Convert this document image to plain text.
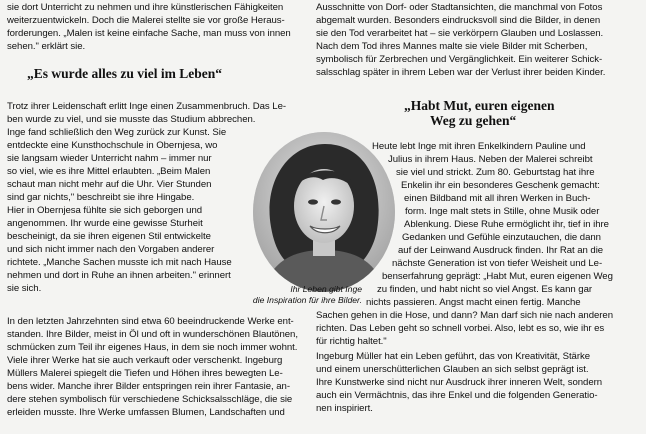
sie dort Unterricht zu nehmen und ihre künstlerischen Fähigkeiten
weiterzuentwickeln. Doch die Malerei stellte sie vor große Heraus-
forderungen. „Malen ist keine einfache Sache, man muss von innen
sehen." erklärt sie.
„Es wurde alles zu viel im Leben“
Trotz ihrer Leidenschaft erlitt Inge einen Zusammenbruch. Das Le-
ben wurde zu viel, und sie musste das Studium abbrechen.
Inge fand schließlich den Weg zurück zur Kunst. Sie
entdeckte eine Kunsthochschule in Obernjesa, wo
sie langsam wieder Unterricht nahm – immer nur
so viel, wie es ihre Mittel erlaubten. „Beim Malen
schaut man nicht mehr auf die Uhr. Vier Stunden
sind gar nichts," beschreibt sie ihre Hingabe.
Hier in Obernjesa fühlte sie sich geborgen und
angenommen. Ihr wurde eine gewisse Sturheit
bescheinigt, da sie ihren eigenen Stil entwickelte
und sich nicht immer nach den Vorgaben anderer
richtete. „Manche Sachen musste ich mit nach Hause
nehmen und dort in Ruhe an ihnen arbeiten." erinnert
sie sich.
In den letzten Jahrzehnten sind etwa 60 beeindruckende Werke ent-
standen. Ihre Bilder, meist in Öl und oft in wunderschönen Blautönen,
schmücken zum Teil ihr eigenes Haus, in dem sie noch immer wohnt.
Viele ihrer Werke hat sie auch verkauft oder verschenkt. Ingeburg
Müllers Malerei spiegelt die Tiefen und Höhen ihres bewegten Le-
bens wider. Manche ihrer Bilder entspringen rein ihrer Fantasie, an-
dere stehen symbolisch für verschiedene Schicksalsschläge, die sie
erleiden musste. Ihre Werke umfassen Blumen, Landschaften und
Ausschnitte von Dorf- oder Stadtansichten, die manchmal von Fotos
abgemalt wurden. Besonders eindrucksvoll sind die Bilder, in denen
sie den Tod verarbeitet hat – sie verkörpern Glauben und Loslassen.
Nach dem Tod ihres Mannes malte sie viele Bilder mit Scherben,
symbolisch für Zerbrechen und Vergänglichkeit. Ein weiterer Schick-
salsschlag später in ihrem Leben war der Verlust ihrer beiden Kinder.
„Habt Mut, euren eigenen
Weg zu gehen“
Heute lebt Inge mit ihren Enkelkindern Pauline und
Julius in ihrem Haus. Neben der Malerei schreibt
sie viel und strickt. Zum 80. Geburtstag hat ihre
Enkelin ihr ein besonderes Geschenk gemacht:
einen Bildband mit all ihren Werken in Buch-
form. Inge malt stets in Stille, ohne Musik oder
Ablenkung. Diese Ruhe ermöglicht ihr, tief in ihre
Gedanken und Gefühle einzutauchen, die dann
auf der Leinwand Ausdruck finden. Ihr Rat an die
nächste Generation ist von tiefer Weisheit und Le-
benserfahrung geprägt: „Habt Mut, euren eigenen Weg
zu finden, und habt nicht so viel Angst. Es kann gar
nichts passieren. Angst macht einen fertig. Manche
Sachen gehen in die Hose, und dann? Man darf sich nie nach anderen
richten. Das Leben geht so schnell vorbei. Also, lebt es so, wie ihr es
für richtig haltet."
Ingeburg Müller hat ein Leben geführt, das von Kreativität, Stärke
und einem unerschütterlichen Glauben an sich selbst geprägt ist.
Ihre Kunstwerke sind nicht nur Ausdruck ihrer inneren Welt, sondern
auch ein Vermächtnis, das ihre Enkel und die folgenden Generatio-
nen inspiriert.
Ihr Leben gibt Inge
die Inspiration für ihre Bilder.
